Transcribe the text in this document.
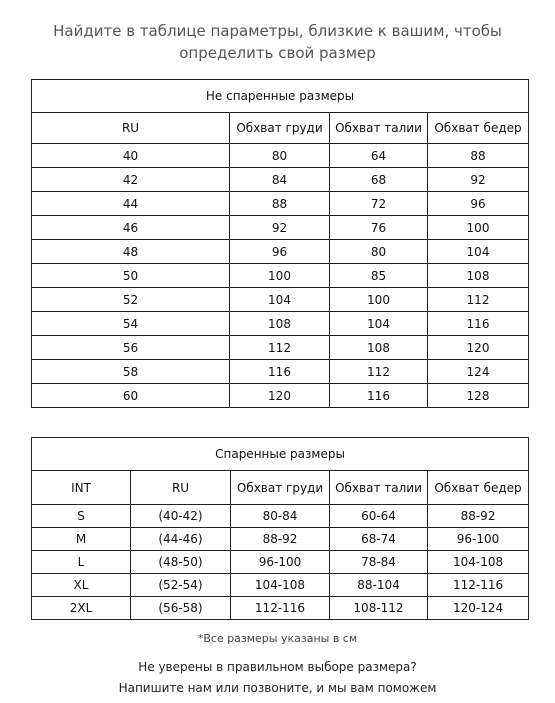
Найдите в таблице параметры, близкие к вашим, чтобы
определить свой размер
Не спаренные размеры			
RU	Обхват груди	Обхват талии	Обхват бедер
40	80	64	88
42	84	68	92
44	88	72	96
46	92	76	100
48	96	80	104
50	100	85	108
52	104	100	112
54	108	104	116
56	112	108	120
58	116	112	124
60	120	116	128
Спаренные размеры				
INT	RU	Обхват груди	Обхват талии	Обхват бедер
S	(40-42)	80-84	60-64	88-92
M	(44-46)	88-92	68-74	96-100
L	(48-50)	96-100	78-84	104-108
XL	(52-54)	104-108	88-104	112-116
2XL	(56-58)	112-116	108-112	120-124
*Все размеры указаны в см
Не уверены в правильном выборе размера?
Напишите нам или позвоните, и мы вам поможем
